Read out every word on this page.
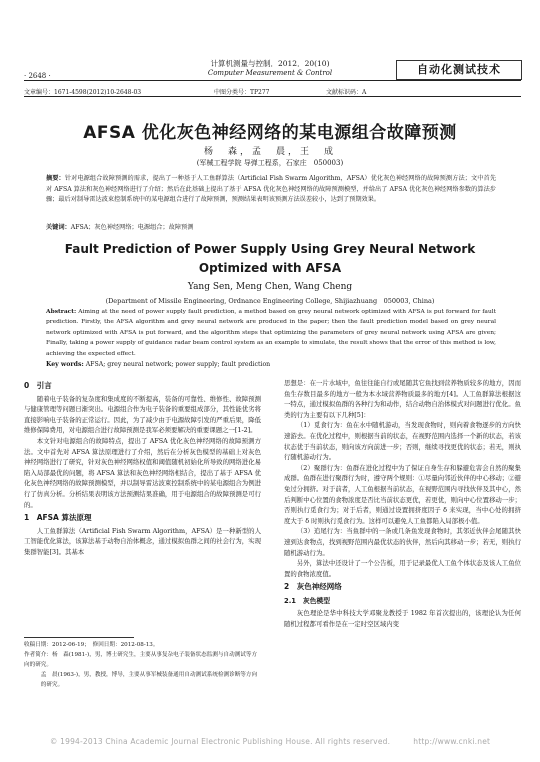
· 2648 ·
计算机测量与控制．2012．20(10)
Computer Measurement & Control	自动化测试技术
文章编号：1671-4598(2012)10-2648-03	中图分类号：TP277	文献标识码：A
AFSA 优化灰色神经网络的某电源组合故障预测
杨　森，孟　晨，王　成
(军械工程学院 导弹工程系，石家庄　050003)
摘要：针对电源组合故障预测的需求，提出了一种基于人工鱼群算法（Artificial Fish Swarm Algorithm，AFSA）优化灰色神经网络的故障预测方法；文中首先对 AFSA 算法和灰色神经网络进行了介绍；然后在此基础上提出了基于 AFSA 优化灰色神经网络的故障预测模型，并给出了 AFSA 优化灰色神经网络参数的算法步骤；最后对制导雷达波束控制系统中的某电源组合进行了故障预测，预测结果表明该预测方法误差较小，达到了预期效果。
关键词：AFSA；灰色神经网络；电源组合；故障预测
Fault Prediction of Power Supply Using Grey Neural Network
Optimized with AFSA
Yang Sen, Meng Chen, Wang Cheng
(Department of Missile Engineering, Ordnance Engineering College, Shijiazhuang　050003, China)
Abstract: Aiming at the need of power supply fault prediction, a method based on grey neural network optimized with AFSA is put forward for fault prediction. Firstly, the AFSA algorithm and grey neural network are produced in the paper; then the fault prediction model based on grey neural network optimized with AFSA is put forward, and the algorithm steps that optimizing the parameters of grey neural network using AFSA are given; Finally, taking a power supply of guidance radar beam control system as an example to simulate, the result shows that the error of this method is low, achieving the expected effect.
Key words: AFSA; grey neural network; power supply; fault prediction
0　引言

随着电子装备的复杂度和集成度的不断提高，装备的可靠性、维修性、故障预测与健康管理等问题日渐突出。电源组合作为电子装备的重要组成部分，其性能优劣将直接影响电子装备的正常运行。因此，为了减少由于电源故障引发的严重后果，降低维修保障费用，对电源组合进行故障预测是我军必须要解决的重要课题之一[1-2]。

本文针对电源组合的故障特点，提出了 AFSA 优化灰色神经网络的故障预测方法。文中首先对 AFSA 算法原理进行了介绍，然后在分析灰色模型的基础上对灰色神经网络进行了研究，针对灰色神经网络权值和阈值随机初始化所导致的网络进化易陷入局部最优的问题，将 AFSA 算法和灰色神经网络相结合，提出了基于 AFSA 优化灰色神经网络的故障预测模型，并以制导雷达波束控制系统中的某电源组合为例进行了仿真分析。分析结果表明该方法预测结果准确，用于电源组合的故障预测是可行的。

1　AFSA 算法原理

人工鱼群算法（Artificial Fish Swarm Algorithm，AFSA）是一种新型的人工智能优化算法，该算法基于动物自治体概念，通过模拟鱼群之间的社会行为，实现集群智能[3]。其基本

思想是：在一片水域中，鱼往往能自行或尾随其它鱼找到营养物质较多的地方，因而鱼生存数目最多的地方一般为本水域营养物质最多的地方[4]。人工鱼群算法根据这一特点，通过模拟鱼群的各种行为和动作，结合动物自治体模式对问题进行优化。鱼类的行为主要有以下几种[5]：

（1）觅食行为：鱼在水中随机游动，当发现食物时，则向着食物逐步的方向快速游去。在优化过程中，则根据当前的状态，在视野范围内选择一个新的状态，若该状态优于当前状态，则向该方向前进一步；否则，继续寻找更优的状态；若无，则执行随机游动行为。

（2）聚群行为：鱼群在进化过程中为了保证自身生存和躲避危害会自然的聚集成群。鱼群在进行聚群行为时，遵守两个规则：①尽量向邻近伙伴的中心移动；②避免过分拥挤。对于前者，人工鱼根据当前状态，在视野范围内寻找伙伴及其中心，然后判断中心位置的食物浓度是否比当前状态更优，若更优，则向中心位置移动一步；否则执行觅食行为；对于后者，则通过设置拥挤度因子 δ 来实现，当中心处的拥挤度大于 δ 时则执行觅食行为。这样可以避免人工鱼都陷入局部极小值。

（3）追尾行为：当鱼群中的一条或几条鱼发现食物时，其邻近伙伴会尾随其快速到达食物点，找到视野范围内最优状态的伙伴，然后向其移动一步；若无，则执行随机游动行为。

另外，算法中还设计了一个公告板，用于记录最优人工鱼个体状态及该人工鱼位置的食物浓度值。

2　灰色神经网络
2.1　灰色模型

灰色理论是华中科技大学邓聚龙教授于 1982 年首次提出的，该理论认为任何随机过程都可看作是在一定时空区域内变

收稿日期：2012-06-19；　修回日期：2012-08-13。
作者简介：杨　森(1981-)，男，博士研究生，主要从事复杂电子装备状态监测与自动测试等方向的研究。
孟　晨(1963-)，男，教授，博导，主要从事军械装备通用自动测试系统检测诊断等方向的研究。
© 1994-2013 China Academic Journal Electronic Publishing House. All rights reserved.　　　http://www.cnki.net
